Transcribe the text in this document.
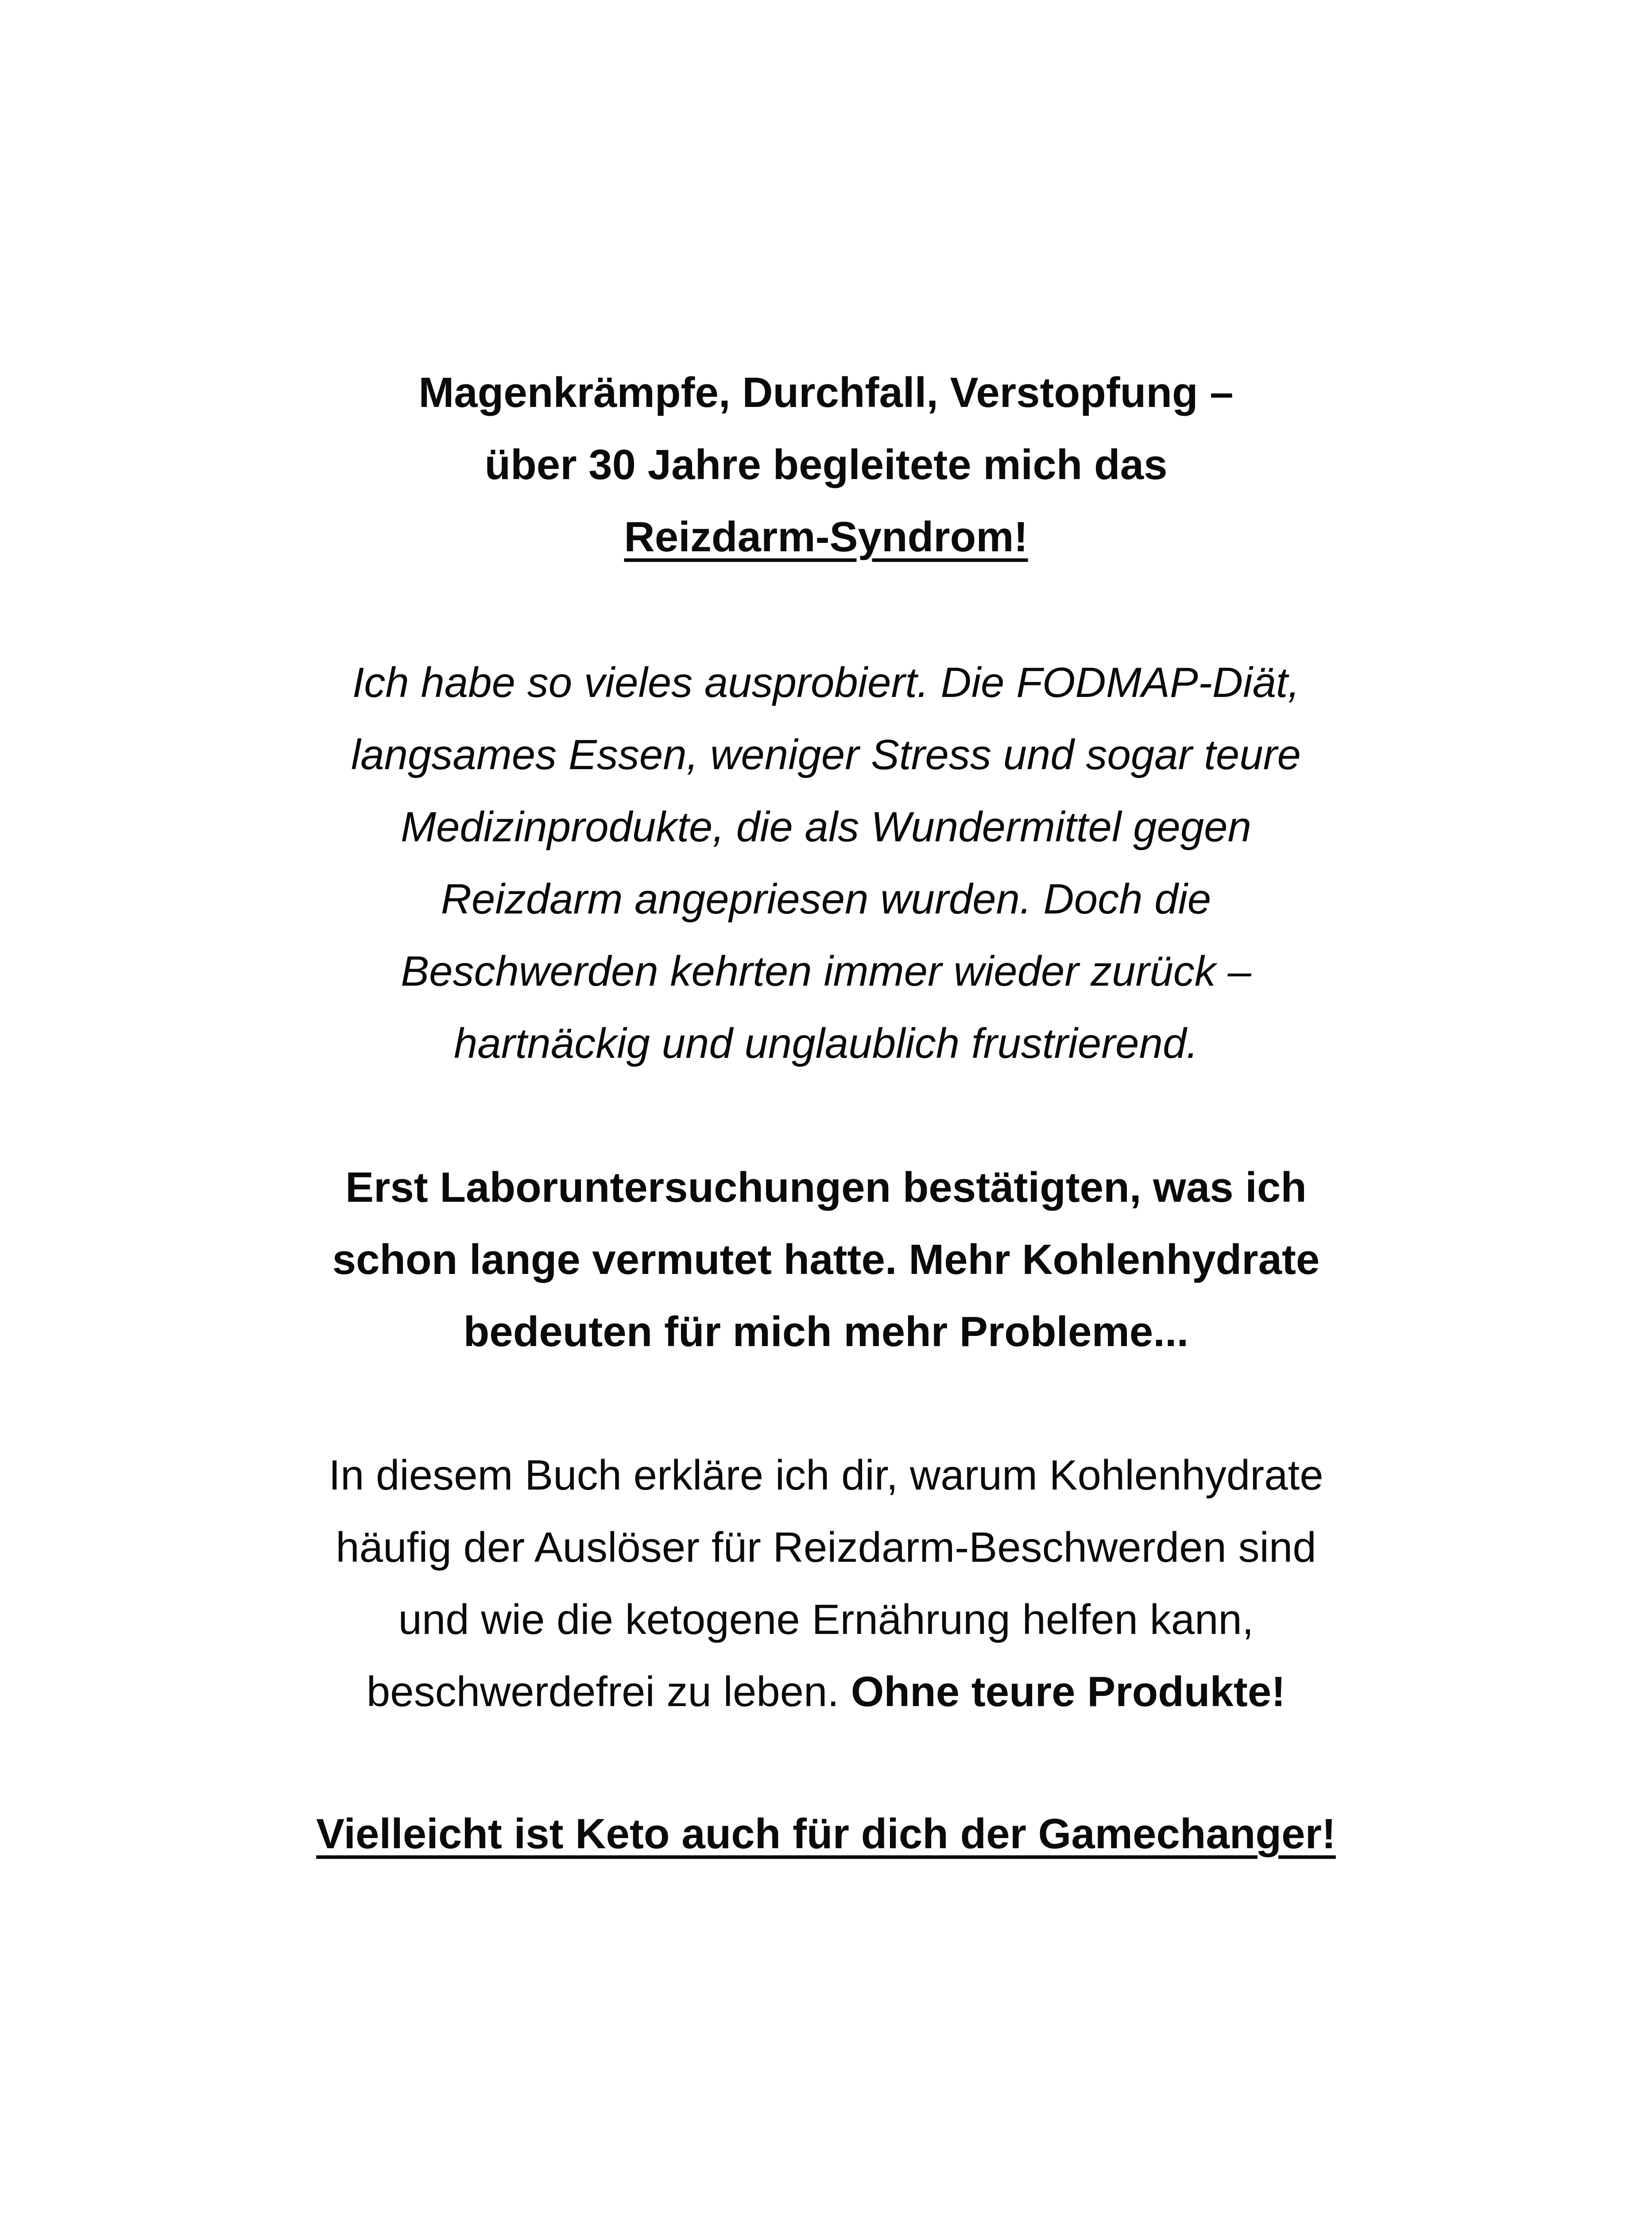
Magenkrämpfe, Durchfall, Verstopfung –
über 30 Jahre begleitete mich das
Reizdarm-Syndrom!

Ich habe so vieles ausprobiert. Die FODMAP-Diät,
langsames Essen, weniger Stress und sogar teure
Medizinprodukte, die als Wundermittel gegen
Reizdarm angepriesen wurden. Doch die
Beschwerden kehrten immer wieder zurück –
hartnäckig und unglaublich frustrierend.

Erst Laboruntersuchungen bestätigten, was ich
schon lange vermutet hatte. Mehr Kohlenhydrate
bedeuten für mich mehr Probleme...

In diesem Buch erkläre ich dir, warum Kohlenhydrate
häufig der Auslöser für Reizdarm-Beschwerden sind
und wie die ketogene Ernährung helfen kann,
beschwerdefrei zu leben. Ohne teure Produkte!

Vielleicht ist Keto auch für dich der Gamechanger!
